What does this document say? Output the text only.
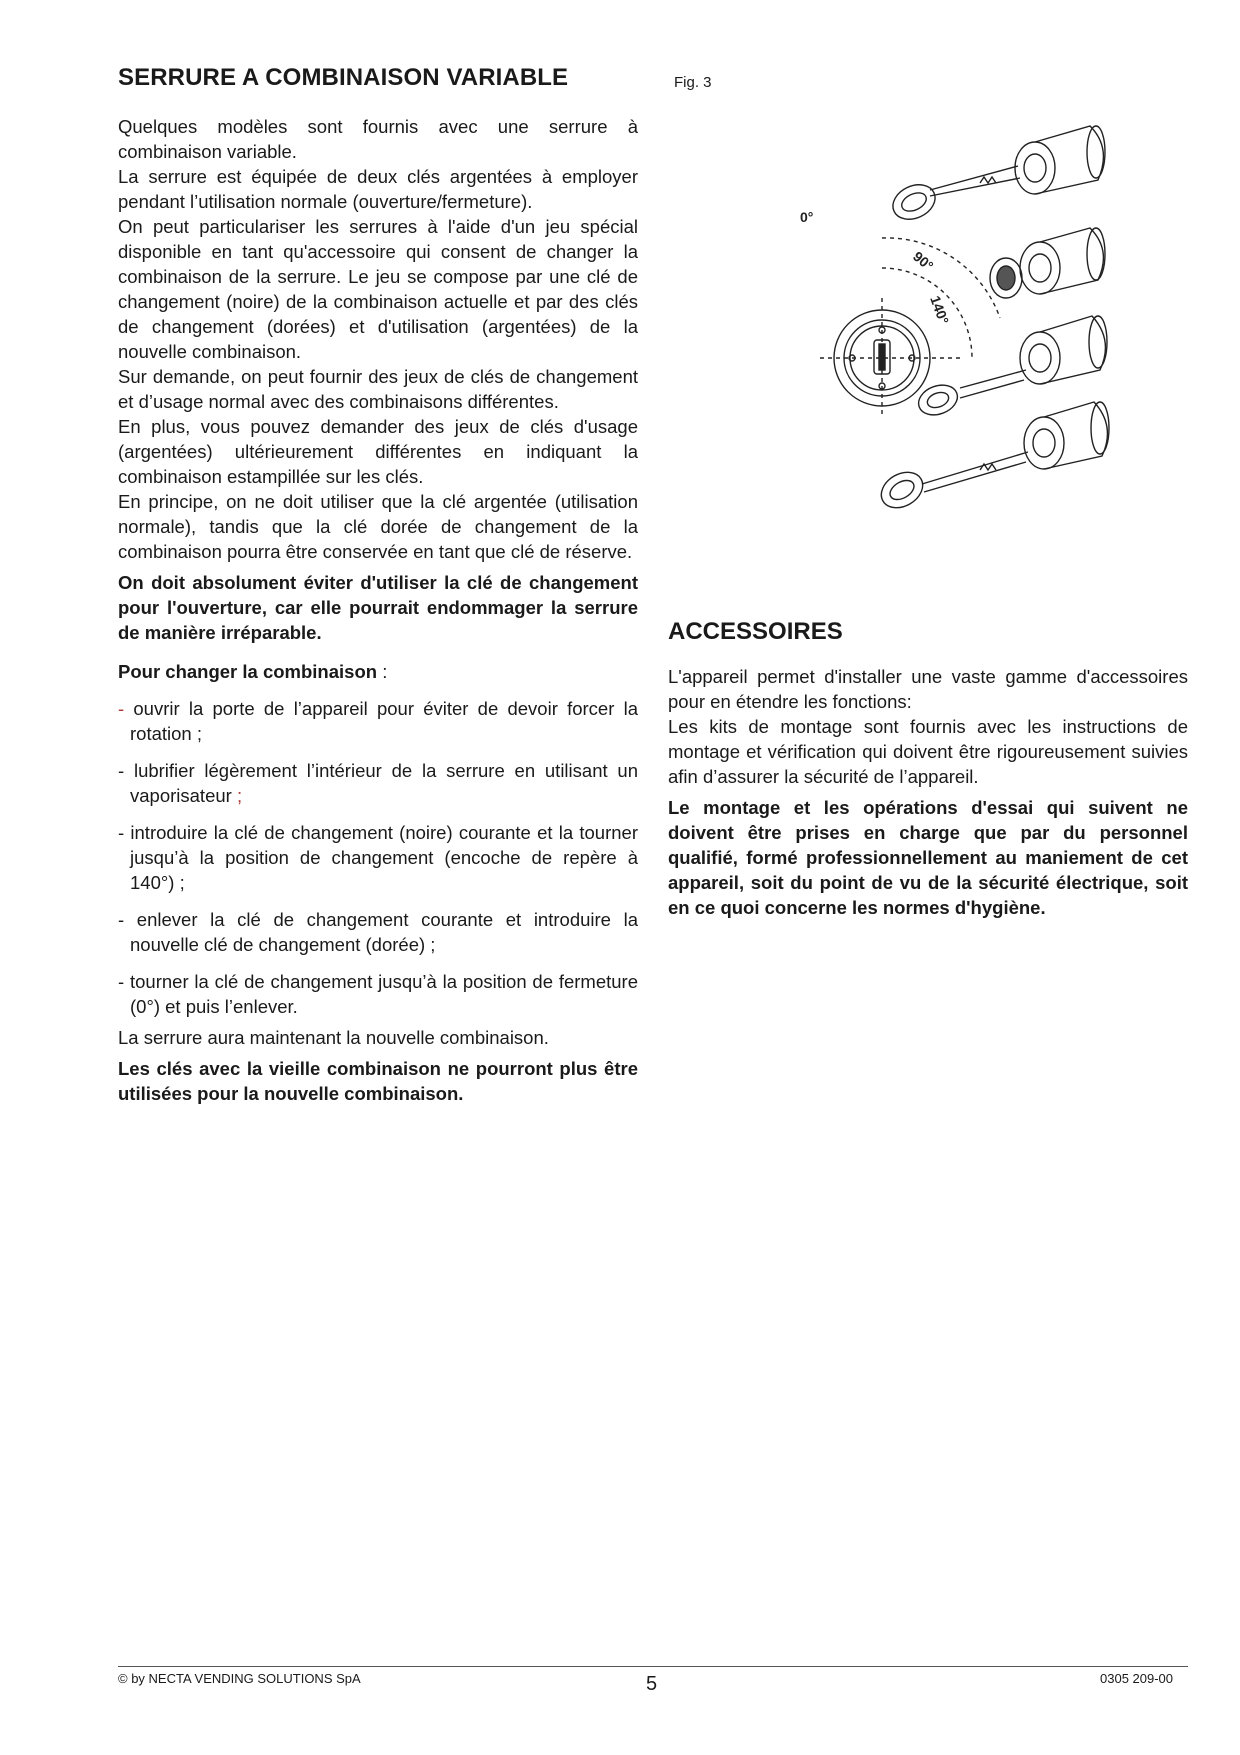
SERRURE A COMBINAISON VARIABLE

Quelques modèles sont fournis avec une serrure à combinaison variable.

La serrure est équipée de deux clés argentées à employer pendant l’utilisation normale (ouverture/fermeture).

On peut particulariser les serrures à l'aide d'un jeu spécial disponible en tant qu'accessoire qui consent de changer la combinaison de la serrure. Le jeu se compose par une clé de changement (noire) de la combinaison actuelle et par des clés de changement (dorées) et d'utilisation (argentées) de la nouvelle combinaison.

Sur demande, on peut fournir des jeux de clés de changement et d’usage normal avec des combinaisons différentes.

En plus, vous pouvez demander des jeux de clés d'usage (argentées) ultérieurement différentes en indiquant la combinaison estampillée sur les clés.

En principe, on ne doit utiliser que la clé argentée (utilisation normale), tandis que la clé dorée de changement de la combinaison pourra être conservée en tant que clé de réserve.

On doit absolument éviter d'utiliser la clé de changement pour l'ouverture, car elle pourrait endommager la serrure de manière irréparable.

Pour changer la combinaison :

- ouvrir la porte de l’appareil pour éviter de devoir forcer la rotation ;
- lubrifier légèrement l’intérieur de la serrure en utilisant un vaporisateur ;
- introduire la clé de changement (noire) courante et la tourner jusqu’à la position de changement (encoche de repère à 140°) ;
- enlever la clé de changement courante et introduire la nouvelle clé de changement (dorée) ;
- tourner la clé de changement jusqu’à la position de fermeture (0°) et puis l’enlever.

La serrure aura maintenant la nouvelle combinaison.

Les clés avec la vieille combinaison ne pourront plus être utilisées pour la nouvelle combinaison.

Fig. 3
0°
90°
140°
ACCESSOIRES

L'appareil permet d'installer une vaste gamme d'accessoires pour en étendre les fonctions:

Les kits de montage sont fournis avec les instructions de montage et vérification qui doivent être rigoureusement suivies afin d’assurer la sécurité de l’appareil.

Le montage et les opérations d'essai qui suivent ne doivent être prises en charge que par du personnel qualifié, formé professionnellement au maniement de cet appareil, soit du point de vu de la sécurité électrique, soit en ce quoi concerne les normes d'hygiène.

© by NECTA VENDING SOLUTIONS SpA	5	0305 209-00
